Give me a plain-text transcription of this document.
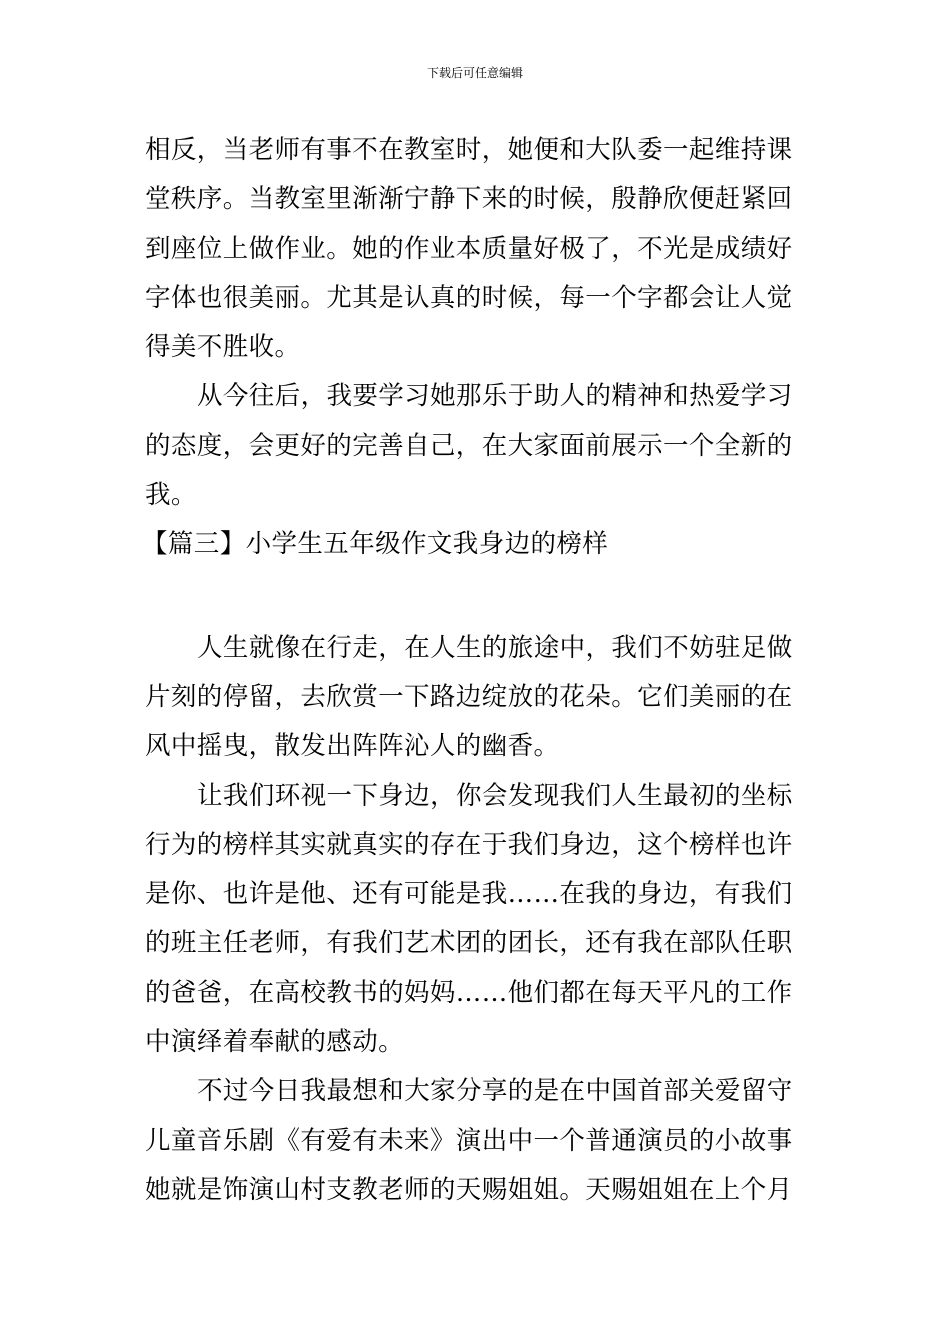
下载后可任意编辑
相反，当老师有事不在教室时，她便和大队委一起维持课
堂秩序。当教室里渐渐宁静下来的时候，殷静欣便赶紧回
到座位上做作业。她的作业本质量好极了，不光是成绩好
字体也很美丽。尤其是认真的时候，每一个字都会让人觉
得美不胜收。
从今往后，我要学习她那乐于助人的精神和热爱学习
的态度，会更好的完善自己，在大家面前展示一个全新的
我。
【篇三】小学生五年级作文我身边的榜样
人生就像在行走，在人生的旅途中，我们不妨驻足做
片刻的停留，去欣赏一下路边绽放的花朵。它们美丽的在
风中摇曳，散发出阵阵沁人的幽香。
让我们环视一下身边，你会发现我们人生最初的坐标
行为的榜样其实就真实的存在于我们身边，这个榜样也许
是你、也许是他、还有可能是我……在我的身边，有我们
的班主任老师，有我们艺术团的团长，还有我在部队任职
的爸爸，在高校教书的妈妈……他们都在每天平凡的工作
中演绎着奉献的感动。
不过今日我最想和大家分享的是在中国首部关爱留守
儿童音乐剧《有爱有未来》演出中一个普通演员的小故事
她就是饰演山村支教老师的天赐姐姐。天赐姐姐在上个月
